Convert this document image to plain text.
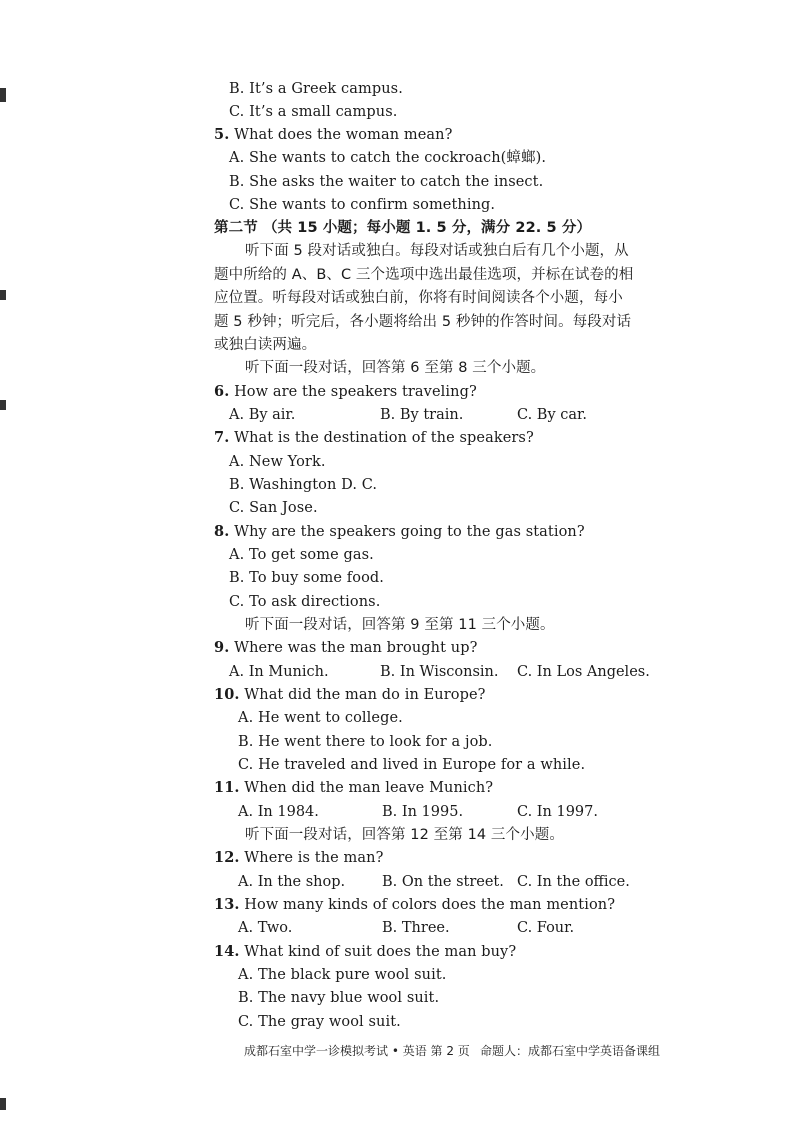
B. It’s a Greek campus.
C. It’s a small campus.
5. What does the woman mean?
A. She wants to catch the cockroach(蟑螂).
B. She asks the waiter to catch the insect.
C. She wants to confirm something.
第二节 （共 15 小题；每小题 1. 5 分，满分 22. 5 分）
听下面 5 段对话或独白。每段对话或独白后有几个小题，从
题中所给的 A、B、C 三个选项中选出最佳选项，并标在试卷的相
应位置。听每段对话或独白前，你将有时间阅读各个小题，每小
题 5 秒钟；听完后，各小题将给出 5 秒钟的作答时间。每段对话
或独白读两遍。
听下面一段对话，回答第 6 至第 8 三个小题。
6. How are the speakers traveling?
A. By air.	B. By train.	C. By car.
7. What is the destination of the speakers?
A. New York.
B. Washington D. C.
C. San Jose.
8. Why are the speakers going to the gas station?
A. To get some gas.
B. To buy some food.
C. To ask directions.
听下面一段对话，回答第 9 至第 11 三个小题。
9. Where was the man brought up?
A. In Munich.	B. In Wisconsin. C. In Los Angeles.
10. What did the man do in Europe?
A. He went to college.
B. He went there to look for a job.
C. He traveled and lived in Europe for a while.
11. When did the man leave Munich?
A. In 1984.	B. In 1995.	C. In 1997.
听下面一段对话，回答第 12 至第 14 三个小题。
12. Where is the man?
A. In the shop.	B. On the street. C. In the office.
13. How many kinds of colors does the man mention?
A. Two.	B. Three.	C. Four.
14. What kind of suit does the man buy?
A. The black pure wool suit.
B. The navy blue wool suit.
C. The gray wool suit.
成都石室中学一诊模拟考试 • 英语 第 2 页 命题人：成都石室中学英语备课组
